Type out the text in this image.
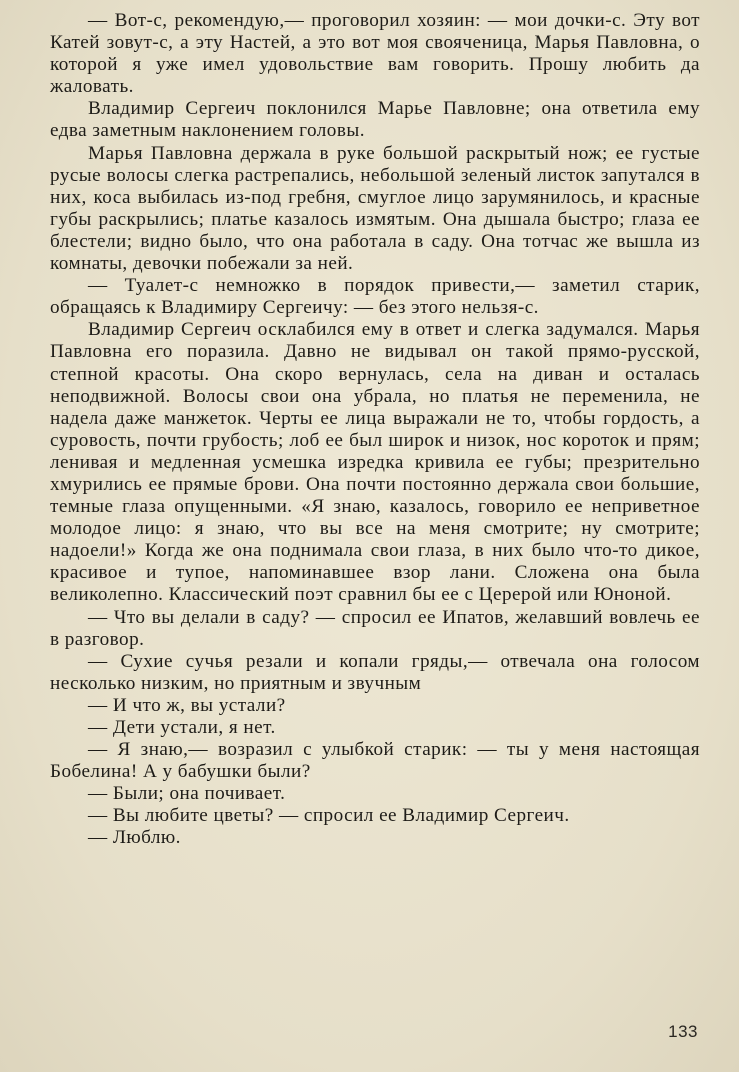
— Вот-с, рекомендую,— проговорил хозяин: — мои дочки-с. Эту вот Катей зовут-с, а эту Настей, а это вот моя свояченица, Марья Павловна, о которой я уже имел удовольствие вам говорить. Прошу любить да жаловать.

Владимир Сергеич поклонился Марье Павловне; она ответила ему едва заметным наклонением головы.

Марья Павловна держала в руке большой раскрытый нож; ее густые русые волосы слегка растрепались, небольшой зеленый листок запутался в них, коса выбилась из-под гребня, смуглое лицо зарумянилось, и красные губы раскрылись; платье казалось измятым. Она дышала быстро; глаза ее блестели; видно было, что она работала в саду. Она тотчас же вышла из комнаты, девочки побежали за ней.

— Туалет-с немножко в порядок привести,— заметил старик, обращаясь к Владимиру Сергеичу: — без этого нельзя-с.

Владимир Сергеич осклабился ему в ответ и слегка задумался. Марья Павловна его поразила. Давно не видывал он такой прямо-русской, степной красоты. Она скоро вернулась, села на диван и осталась неподвижной. Волосы свои она убрала, но платья не переменила, не надела даже манжеток. Черты ее лица выражали не то, чтобы гордость, а суровость, почти грубость; лоб ее был широк и низок, нос короток и прям; ленивая и медленная усмешка изредка кривила ее губы; презрительно хмурились ее прямые брови. Она почти постоянно держала свои большие, темные глаза опущенными. «Я знаю, казалось, говорило ее неприветное молодое лицо: я знаю, что вы все на меня смотрите; ну смотрите; надоели!» Когда же она поднимала свои глаза, в них было что-то дикое, красивое и тупое, напоминавшее взор лани. Сложена она была великолепно. Классический поэт сравнил бы ее с Церерой или Юноной.

— Что вы делали в саду? — спросил ее Ипатов, желавший вовлечь ее в разговор.

— Сухие сучья резали и копали гряды,— отвечала она голосом несколько низким, но приятным и звучным

— И что ж, вы устали?

— Дети устали, я нет.

— Я знаю,— возразил с улыбкой старик: — ты у меня настоящая Бобелина! А у бабушки были?

— Были; она почивает.

— Вы любите цветы? — спросил ее Владимир Сергеич.

— Люблю.

133
